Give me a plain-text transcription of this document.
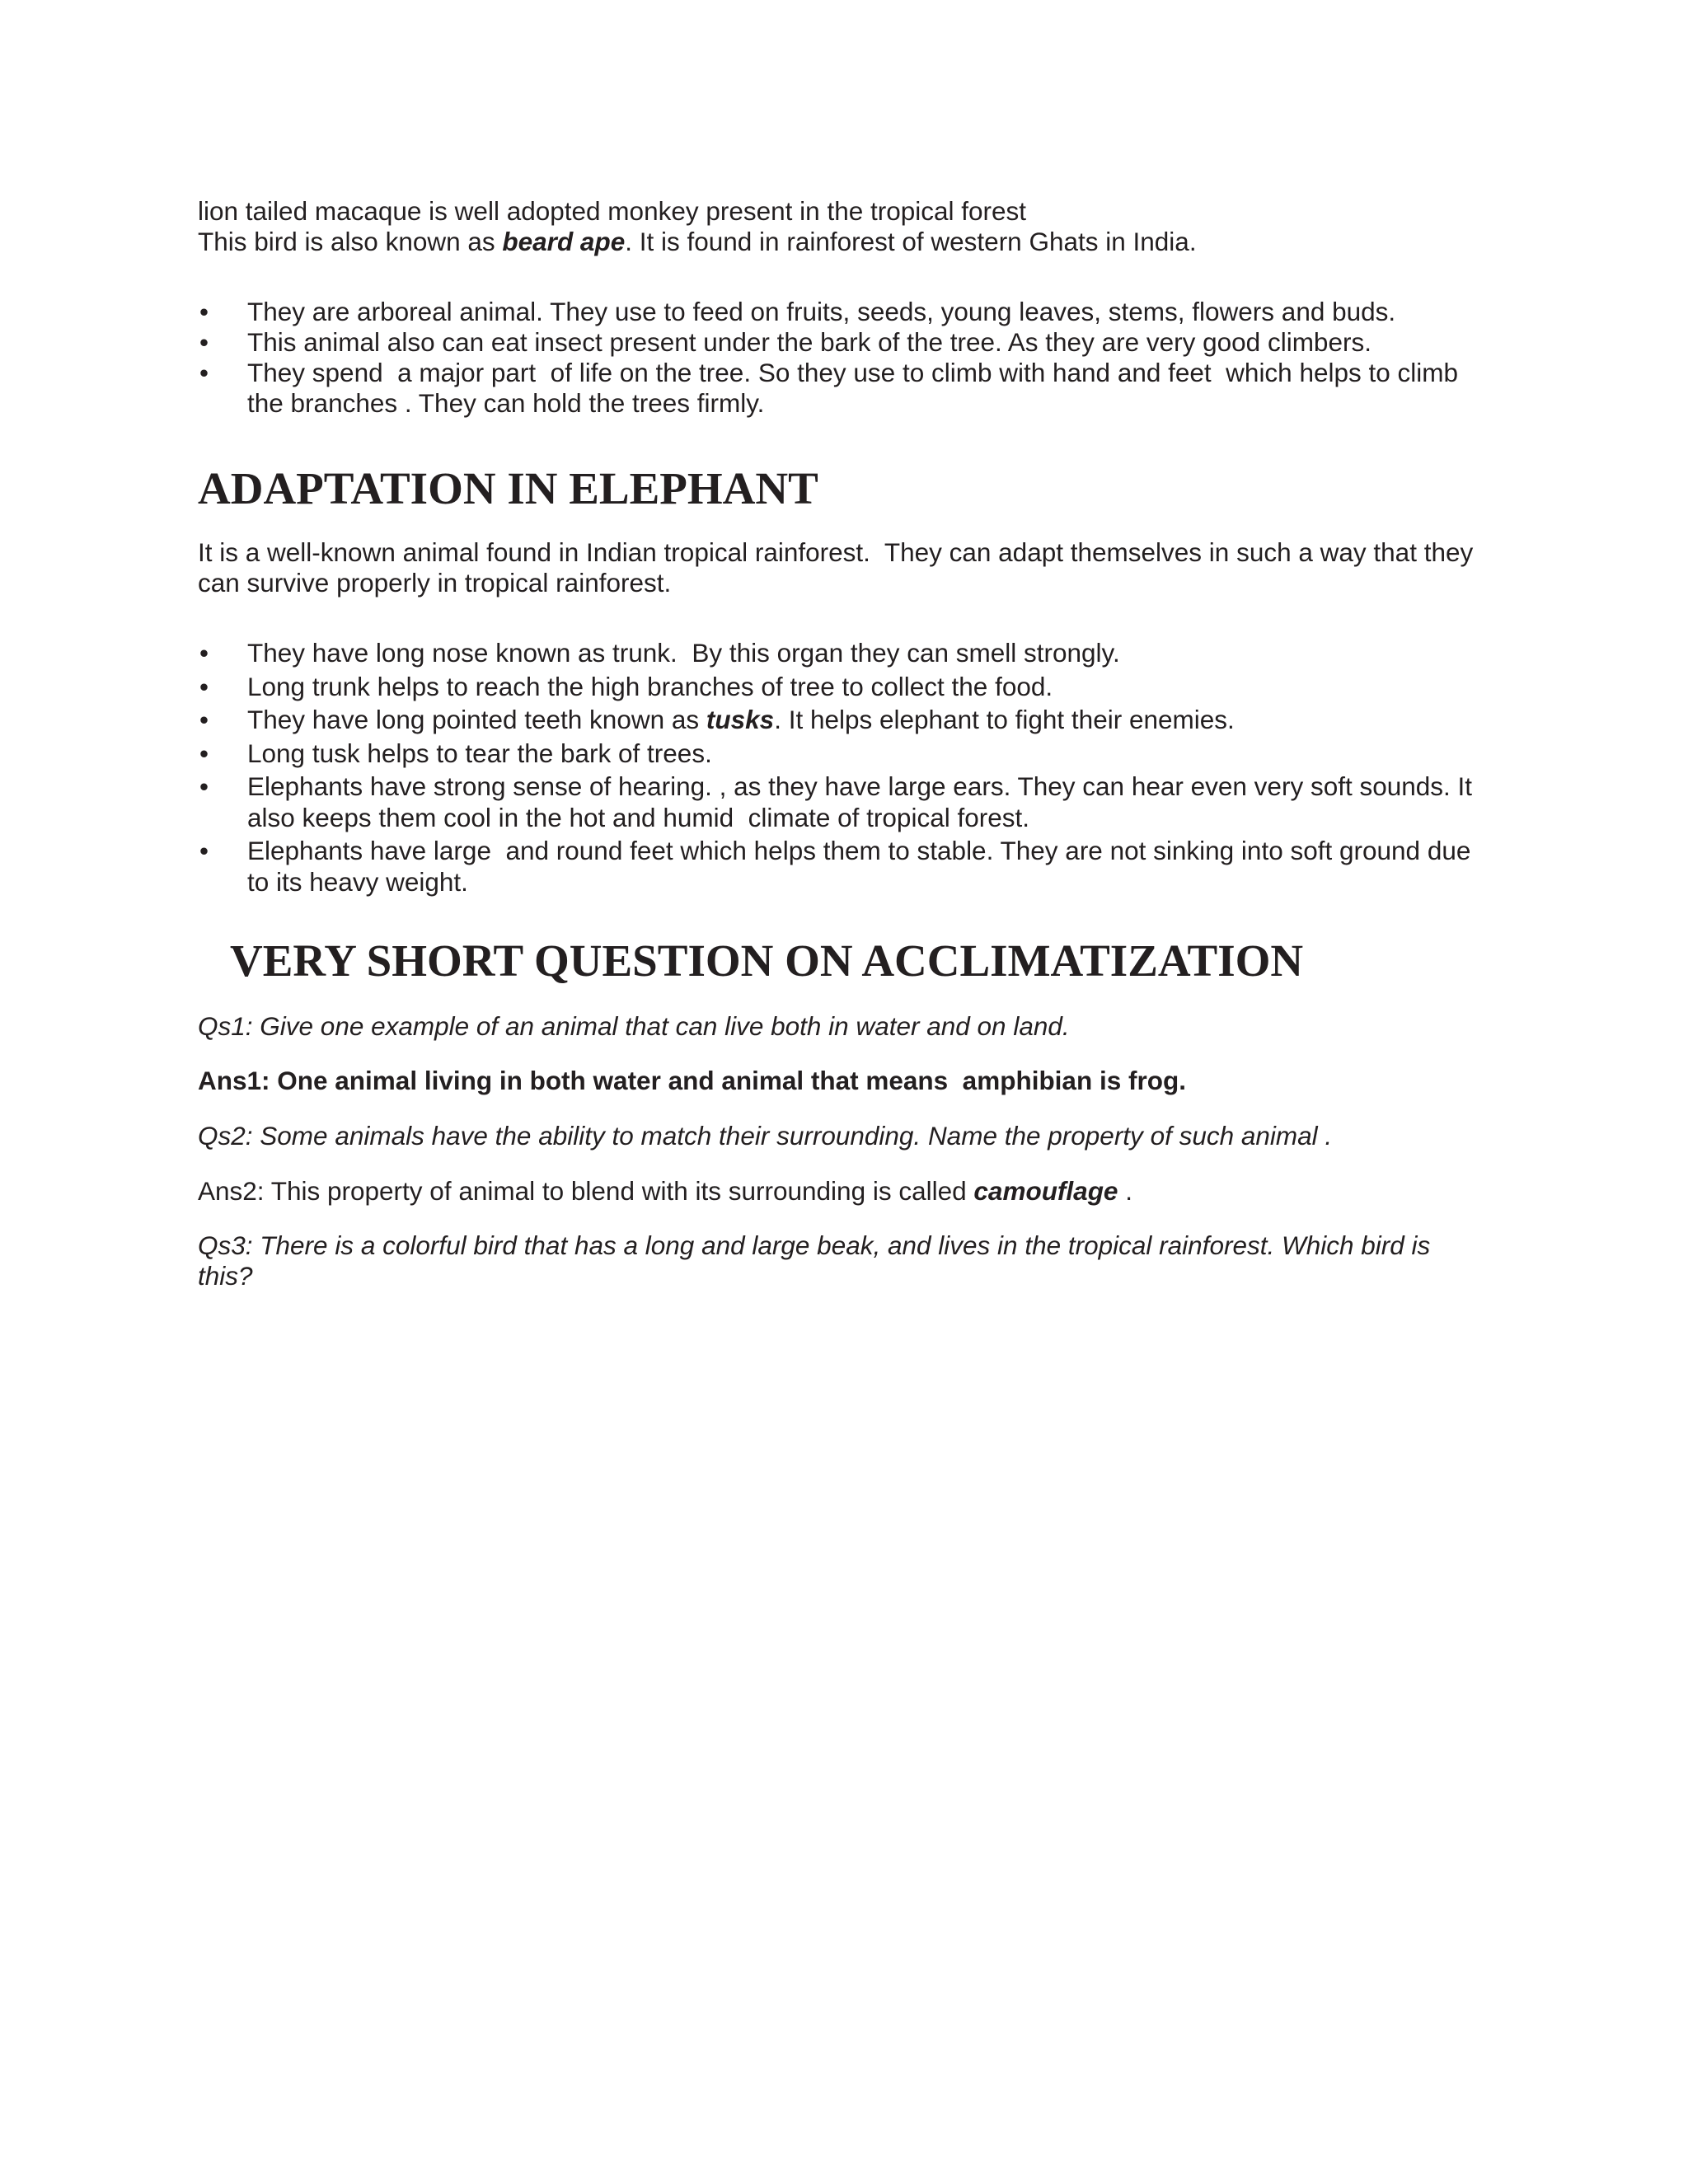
lion tailed macaque is well adopted monkey present in the tropical forest
This bird is also known as beard ape. It is found in rainforest of western Ghats in India.

•	They are arboreal animal. They use to feed on fruits, seeds, young leaves, stems, flowers and buds.
•	This animal also can eat insect present under the bark of the tree. As they are very good climbers.
•	They spend  a major part  of life on the tree. So they use to climb with hand and feet  which helps to climb the branches . They can hold the trees firmly.
ADAPTATION IN ELEPHANT

It is a well-known animal found in Indian tropical rainforest.  They can adapt themselves in such a way that they can survive properly in tropical rainforest.

•	They have long nose known as trunk.  By this organ they can smell strongly.
•	Long trunk helps to reach the high branches of tree to collect the food.
•	They have long pointed teeth known as tusks. It helps elephant to fight their enemies.
•	Long tusk helps to tear the bark of trees.
•	Elephants have strong sense of hearing. , as they have large ears. They can hear even very soft sounds. It also keeps them cool in the hot and humid  climate of tropical forest.
•	Elephants have large  and round feet which helps them to stable. They are not sinking into soft ground due to its heavy weight.
VERY SHORT QUESTION ON ACCLIMATIZATION

Qs1: Give one example of an animal that can live both in water and on land.

Ans1: One animal living in both water and animal that means  amphibian is frog.

Qs2: Some animals have the ability to match their surrounding. Name the property of such animal .

Ans2: This property of animal to blend with its surrounding is called camouflage .

Qs3: There is a colorful bird that has a long and large beak, and lives in the tropical rainforest. Which bird is this?
